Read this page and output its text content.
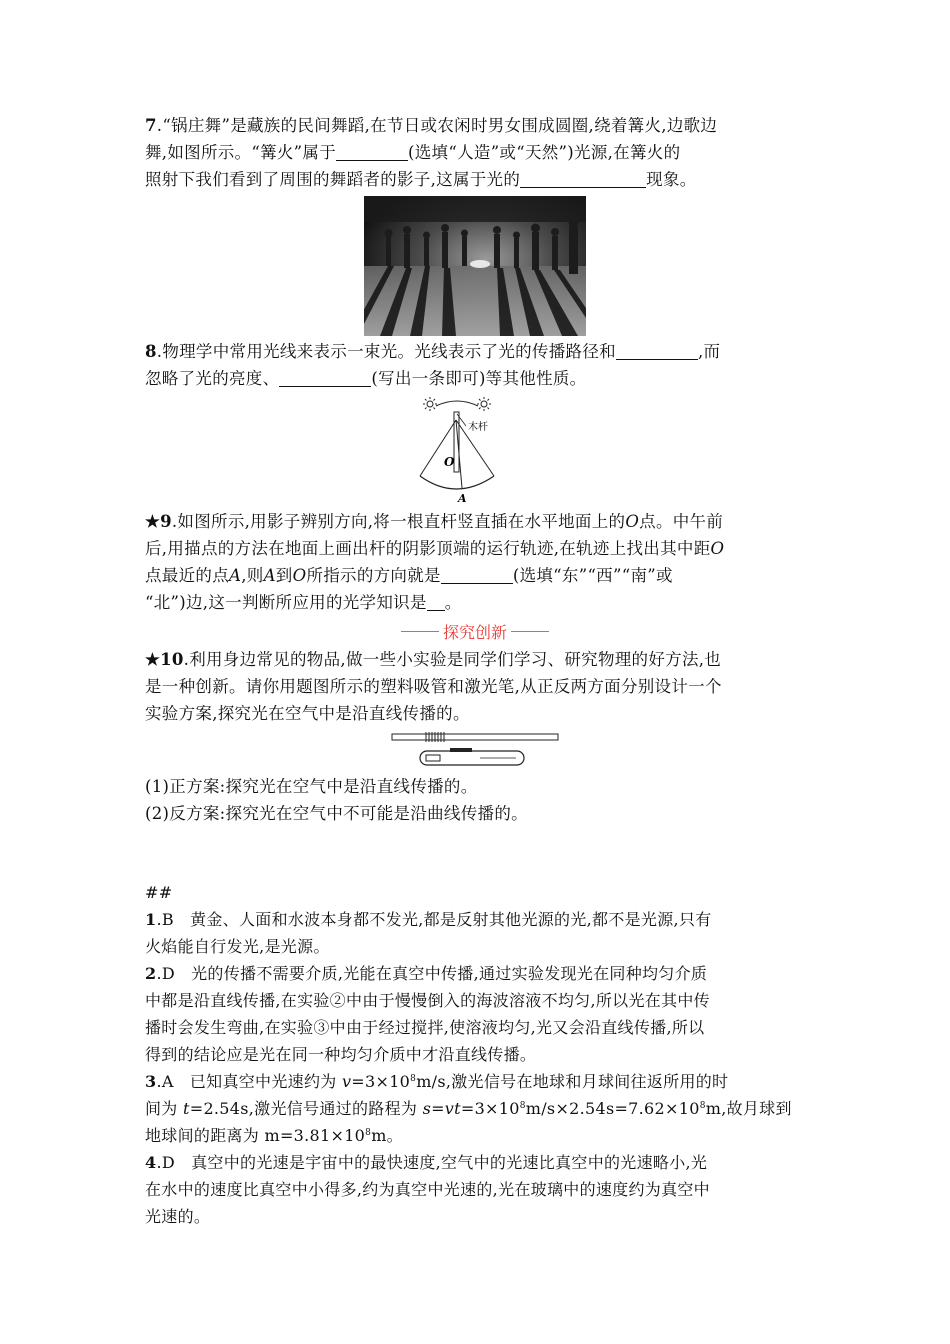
7.“锅庄舞”是藏族的民间舞蹈,在节日或农闲时男女围成圆圈,绕着篝火,边歌边

舞,如图所示。“篝火”属于	(选填“人造”或“天然”)光源,在篝火的

照射下我们看到了周围的舞蹈者的影子,这属于光的	现象。

8.物理学中常用光线来表示一束光。光线表示了光的传播路径和	,而

忽略了光的亮度、	(写出一条即可)等其他性质。

木杆
O
A

★9.如图所示,用影子辨别方向,将一根直杆竖直插在水平地面上的O点。中午前

后,用描点的方法在地面上画出杆的阴影顶端的运行轨迹,在轨迹上找出其中距O

点最近的点A,则A到O所指示的方向就是	(选填“东”“西”“南”或

“北”)边,这一判断所应用的光学知识是 。

探究创新

★10.利用身边常见的物品,做一些小实验是同学们学习、研究物理的好方法,也

是一种创新。请你用题图所示的塑料吸管和激光笔,从正反两方面分别设计一个

实验方案,探究光在空气中是沿直线传播的。

(1)正方案:探究光在空气中是沿直线传播的。

(2)反方案:探究光在空气中不可能是沿曲线传播的。

##

1.B 黄金、人面和水波本身都不发光,都是反射其他光源的光,都不是光源,只有

火焰能自行发光,是光源。

2.D 光的传播不需要介质,光能在真空中传播,通过实验发现光在同种均匀介质

中都是沿直线传播,在实验②中由于慢慢倒入的海波溶液不均匀,所以光在其中传

播时会发生弯曲,在实验③中由于经过搅拌,使溶液均匀,光又会沿直线传播,所以

得到的结论应是光在同一种均匀介质中才沿直线传播。

3.A 已知真空中光速约为 $v=3\times 10^8m/s$,激光信号在地球和月球间往返所用的时

间为 t=2.54s,激光信号通过的路程为 $s=vt=3\times 10^8m/s\times 2.54s=7.62\times 10^8m$,故月球到

地球间的距离为 $m=3.81\times 10^8m$。

4.D 真空中的光速是宇宙中的最快速度,空气中的光速比真空中的光速略小,光

在水中的速度比真空中小得多,约为真空中光速的,光在玻璃中的速度约为真空中

光速的。
